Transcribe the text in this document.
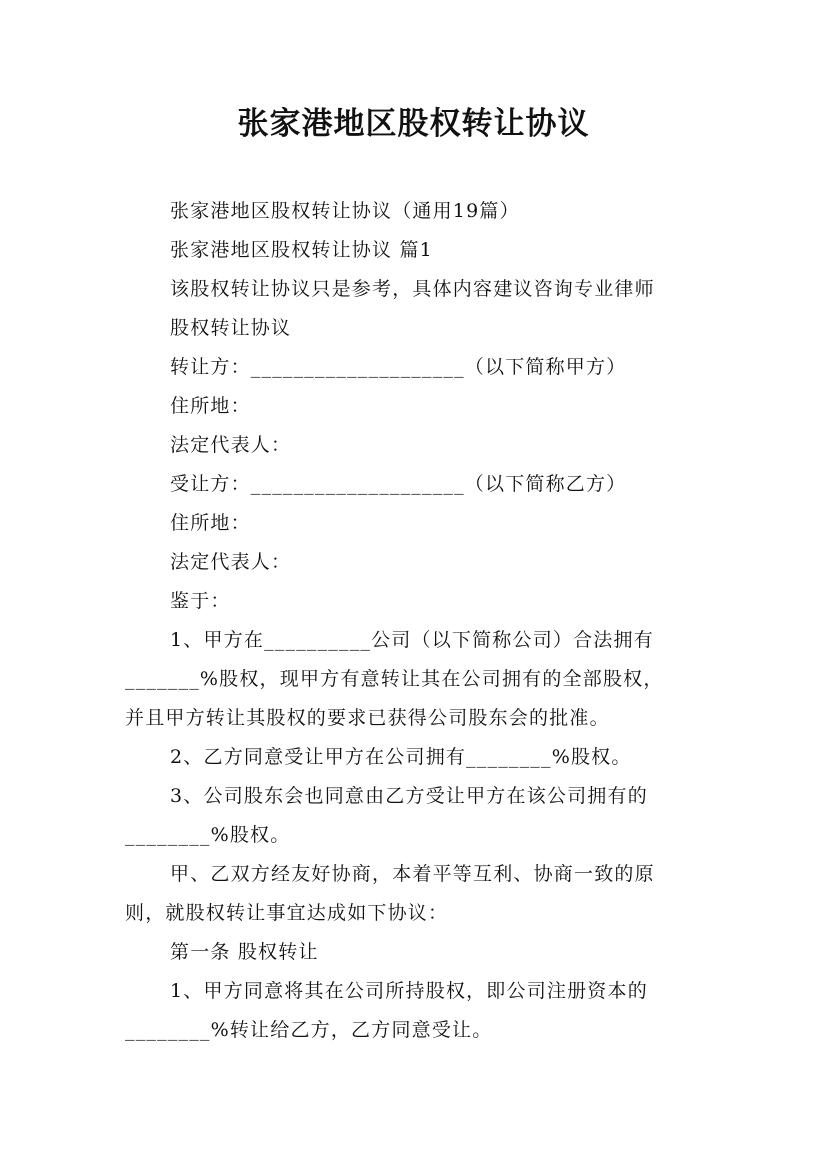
张家港地区股权转让协议
张家港地区股权转让协议（通用19篇）
张家港地区股权转让协议 篇1
该股权转让协议只是参考，具体内容建议咨询专业律师
股权转让协议
转让方：____________________（以下简称甲方）
住所地：
法定代表人：
受让方：____________________（以下简称乙方）
住所地：
法定代表人：
鉴于：
1、甲方在__________公司（以下简称公司）合法拥有
_______%股权，现甲方有意转让其在公司拥有的全部股权，
并且甲方转让其股权的要求已获得公司股东会的批准。
2、乙方同意受让甲方在公司拥有________%股权。
3、公司股东会也同意由乙方受让甲方在该公司拥有的
________%股权。
甲、乙双方经友好协商，本着平等互利、协商一致的原
则，就股权转让事宜达成如下协议：
第一条 股权转让
1、甲方同意将其在公司所持股权，即公司注册资本的
________%转让给乙方，乙方同意受让。
